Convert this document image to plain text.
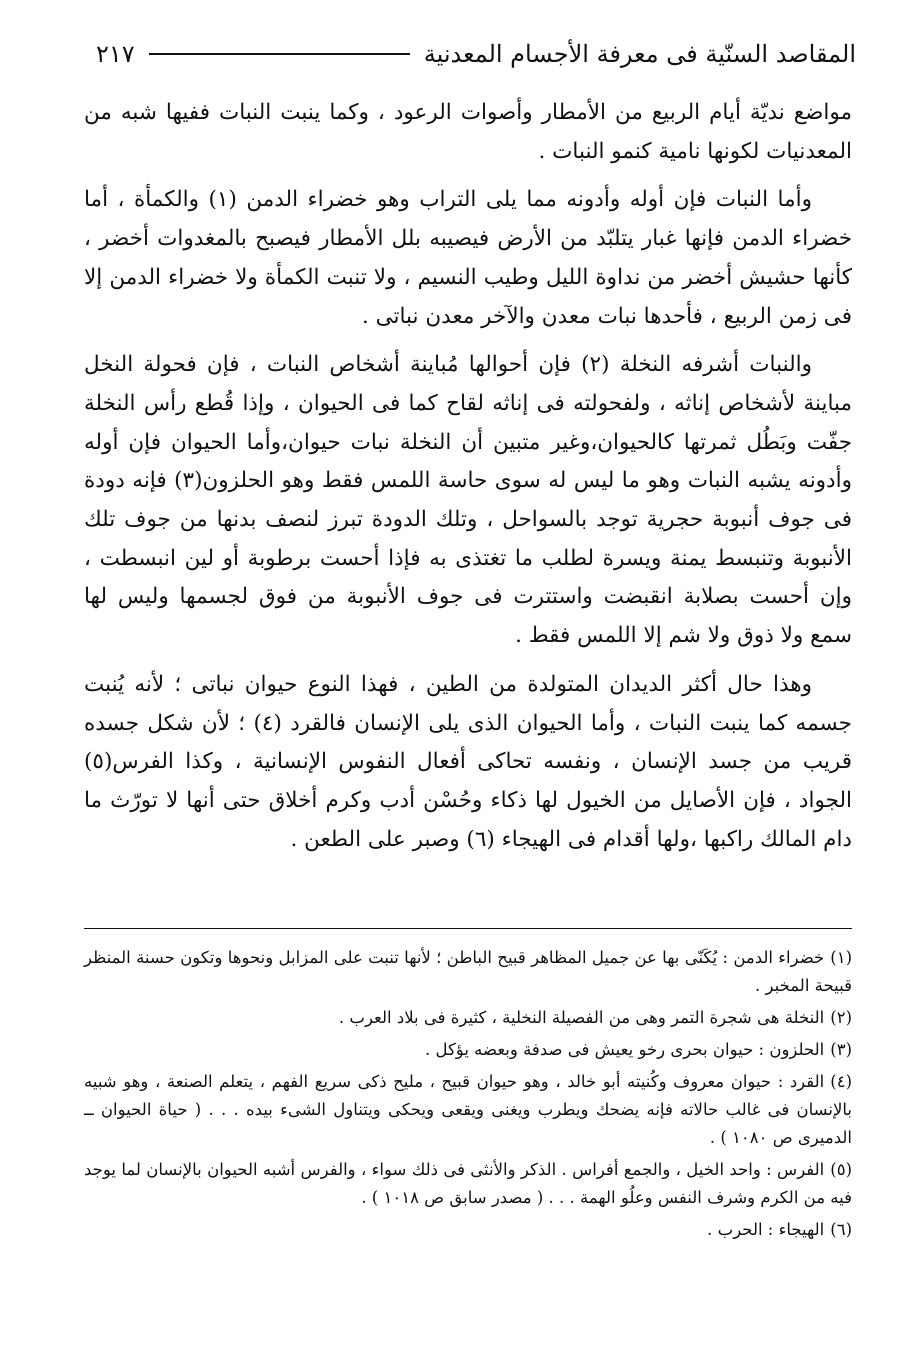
المقاصد السنّية فى معرفة الأجسام المعدنية
٢١٧

مواضع نديّة أيام الربيع من الأمطار وأصوات الرعود ، وكما ينبت النبات ففيها شبه من المعدنيات لكونها نامية كنمو النبات .

وأما النبات فإن أوله وأدونه مما يلى التراب وهو خضراء الدمن (١) والكمأة ، أما خضراء الدمن فإنها غبار يتلبّد من الأرض فيصيبه بلل الأمطار فيصبح بالمغدوات أخضر ، كأنها حشيش أخضر من نداوة الليل وطيب النسيم ، ولا تنبت الكمأة ولا خضراء الدمن إلا فى زمن الربيع ، فأحدها نبات معدن والآخر معدن نباتى .

والنبات أشرفه النخلة (٢) فإن أحوالها مُباينة أشخاص النبات ، فإن فحولة النخل مباينة لأشخاص إناثه ، ولفحولته فى إناثه لقاح كما فى الحيوان ، وإذا قُطع رأس النخلة جفّت وبَطُل ثمرتها كالحيوان،وغير متبين أن النخلة نبات حيوان،وأما الحيوان فإن أوله وأدونه يشبه النبات وهو ما ليس له سوى حاسة اللمس فقط وهو الحلزون(٣) فإنه دودة فى جوف أنبوبة حجرية توجد بالسواحل ، وتلك الدودة تبرز لنصف بدنها من جوف تلك الأنبوبة وتنبسط يمنة ويسرة لطلب ما تغتذى به فإذا أحست برطوبة أو لين انبسطت ، وإن أحست بصلابة انقبضت واستترت فى جوف الأنبوبة من فوق لجسمها وليس لها سمع ولا ذوق ولا شم إلا اللمس فقط .

وهذا حال أكثر الديدان المتولدة من الطين ، فهذا النوع حيوان نباتى ؛ لأنه يُنبت جسمه كما ينبت النبات ، وأما الحيوان الذى يلى الإنسان فالقرد (٤) ؛ لأن شكل جسده قريب من جسد الإنسان ، ونفسه تحاكى أفعال النفوس الإنسانية ، وكذا الفرس(٥) الجواد ، فإن الأصايل من الخيول لها ذكاء وحُسْن أدب وكرم أخلاق حتى أنها لا تورّث ما دام المالك راكبها ،ولها أقدام فى الهيجاء (٦) وصبر على الطعن .

(١)خضراء الدمن : يُكَنّى بها عن جميل المظاهر قبيح الباطن ؛ لأنها تنبت على المزابل ونحوها وتكون حسنة المنظر قبيحة المخبر .

(٢)النخلة هى شجرة التمر وهى من الفصيلة النخلية ، كثيرة فى بلاد العرب .

(٣)الحلزون : حيوان بحرى رخو يعيش فى صدفة وبعضه يؤكل .

(٤)القرد : حيوان معروف وكُنيته أبو خالد ، وهو حيوان قبيح ، مليح ذكى سريع الفهم ، يتعلم الصنعة ، وهو شبيه بالإنسان فى غالب حالاته فإنه يضحك ويطرب ويغنى ويقعى ويحكى ويتناول الشىء بيده . . . ( حياة الحيوان ــ الدميرى ص ١٠٨٠ ) .

(٥)الفرس : واحد الخيل ، والجمع أفراس . الذكر والأنثى فى ذلك سواء ، والفرس أشبه الحيوان بالإنسان لما يوجد فيه من الكرم وشرف النفس وعلُو الهمة . . . ( مصدر سابق ص ١٠١٨ ) .

(٦)الهيجاء : الحرب .
